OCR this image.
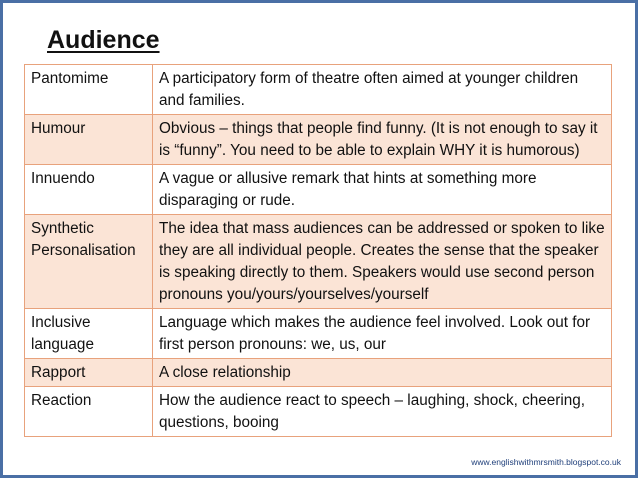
Audience
Pantomime	A participatory form of theatre often aimed at younger children and families.
Humour	Obvious – things that people find funny. (It is not enough to say it is “funny”. You need to be able to explain WHY it is humorous)
Innuendo	A vague or allusive remark that hints at something more disparaging or rude.
Synthetic Personalisation	The idea that mass audiences can be addressed or spoken to like they are all individual people. Creates the sense that the speaker is speaking directly to them. Speakers would use second person pronouns you/yours/yourselves/yourself
Inclusive language	Language which makes the audience feel involved. Look out for first person pronouns: we, us, our
Rapport	A close relationship
Reaction	How the audience react to speech – laughing, shock, cheering, questions, booing
www.englishwithmrsmith.blogspot.co.uk
